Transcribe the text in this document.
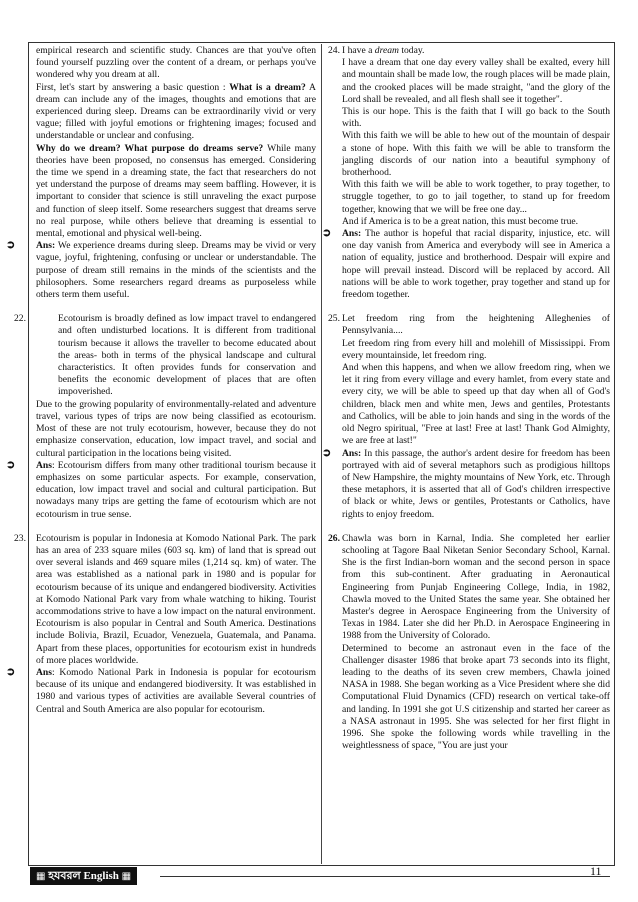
empirical research and scientific study. Chances are that you've often found yourself puzzling over the content of a dream, or perhaps you've wondered why you dream at all.

First, let's start by answering a basic question : What is a dream? A dream can include any of the images, thoughts and emotions that are experienced during sleep. Dreams can be extraordinarily vivid or very vague; filled with joyful emotions or frightening images; focused and understandable or unclear and confusing.

Why do we dream? What purpose do dreams serve? While many theories have been proposed, no consensus has emerged. Considering the time we spend in a dreaming state, the fact that researchers do not yet understand the purpose of dreams may seem baffling. However, it is important to consider that science is still unraveling the exact purpose and function of sleep itself. Some researchers suggest that dreams serve no real purpose, while others believe that dreaming is essential to mental, emotional and physical well-being.

➲ Ans: We experience dreams during sleep. Dreams may be vivid or very vague, joyful, frightening, confusing or unclear or understandable. The purpose of dream still remains in the minds of the scientists and the philosophers. Some researchers regard dreams as purposeless while others term them useful.

22.	Ecotourism is broadly defined as low impact travel to endangered and often undisturbed locations. It is different from traditional tourism because it allows the traveller to become educated about the areas- both in terms of the physical landscape and cultural characteristics. It often provides funds for conservation and benefits the economic development of places that are often impoverished.

Due to the growing popularity of environmentally-related and adventure travel, various types of trips are now being classified as ecotourism. Most of these are not truly ecotourism, however, because they do not emphasize conservation, education, low impact travel, and social and cultural participation in the locations being visited.

➲ Ans: Ecotourism differs from many other traditional tourism because it emphasizes on some particular aspects. For example, conservation, education, low impact travel and social and cultural participation. But nowadays many trips are getting the fame of ecotourism which are not ecotourism in true sense.

23. Ecotourism is popular in Indonesia at Komodo National Park. The park has an area of 233 square miles (603 sq. km) of land that is spread out over several islands and 469 square miles (1,214 sq. km) of water. The area was established as a national park in 1980 and is popular for ecotourism because of its unique and endangered biodiversity. Activities at Komodo National Park vary from whale watching to hiking. Tourist accommodations strive to have a low impact on the natural environment.

Ecotourism is also popular in Central and South America. Destinations include Bolivia, Brazil, Ecuador, Venezuela, Guatemala, and Panama. Apart from these places, opportunities for ecotourism exist in hundreds of more places worldwide.

➲ Ans: Komodo National Park in Indonesia is popular for ecotourism because of its unique and endangered biodiversity. It was established in 1980 and various types of activities are available Several countries of Central and South America are also popular for ecotourism.

24. I have a dream today.

I have a dream that one day every valley shall be exalted, every hill and mountain shall be made low, the rough places will be made plain, and the crooked places will be made straight, "and the glory of the Lord shall be revealed, and all flesh shall see it together".

This is our hope. This is the faith that I will go back to the South with.

With this faith we will be able to hew out of the mountain of despair a stone of hope. With this faith we will be able to transform the jangling discords of our nation into a beautiful symphony of brotherhood.

With this faith we will be able to work together, to pray together, to struggle together, to go to jail together, to stand up for freedom together, knowing that we will be free one day...

And if America is to be a great nation, this must become true.

➲ Ans: The author is hopeful that racial disparity, injustice, etc. will one day vanish from America and everybody will see in America a nation of equality, justice and brotherhood. Despair will expire and hope will prevail instead. Discord will be replaced by accord. All nations will be able to work together, pray together and stand up for freedom together.

25. Let freedom ring from the heightening Alleghenies of Pennsylvania....

Let freedom ring from every hill and molehill of Mississippi. From every mountainside, let freedom ring.

And when this happens, and when we allow freedom ring, when we let it ring from every village and every hamlet, from every state and every city, we will be able to speed up that day when all of God's children, black men and white men, Jews and gentiles, Protestants and Catholics, will be able to join hands and sing in the words of the old Negro spiritual, "Free at last! Free at last! Thank God Almighty, we are free at last!"

➲ Ans: In this passage, the author's ardent desire for freedom has been portrayed with aid of several metaphors such as prodigious hilltops of New Hampshire, the mighty mountains of New York, etc. Through these metaphors, it is asserted that all of God's children irrespective of black or white, Jews or gentiles, Protestants or Catholics, have rights to enjoy freedom.

26. Chawla was born in Karnal, India. She completed her earlier schooling at Tagore Baal Niketan Senior Secondary School, Karnal. She is the first Indian-born woman and the second person in space from this sub-continent. After graduating in Aeronautical Engineering from Punjab Engineering College, India, in 1982, Chawla moved to the United States the same year. She obtained her Master's degree in Aerospace Engineering from the University of Texas in 1984. Later she did her Ph.D. in Aerospace Engineering in 1988 from the University of Colorado.

Determined to become an astronaut even in the face of the Challenger disaster 1986 that broke apart 73 seconds into its flight, leading to the deaths of its seven crew members, Chawla joined NASA in 1988. She began working as a Vice President where she did Computational Fluid Dynamics (CFD) research on vertical take-off and landing. In 1991 she got U.S citizenship and started her career as a NASA astronaut in 1995. She was selected for her first flight in 1996. She spoke the following words while travelling in the weightlessness of space, "You are just your

▦ হযবরল English ▦	11
